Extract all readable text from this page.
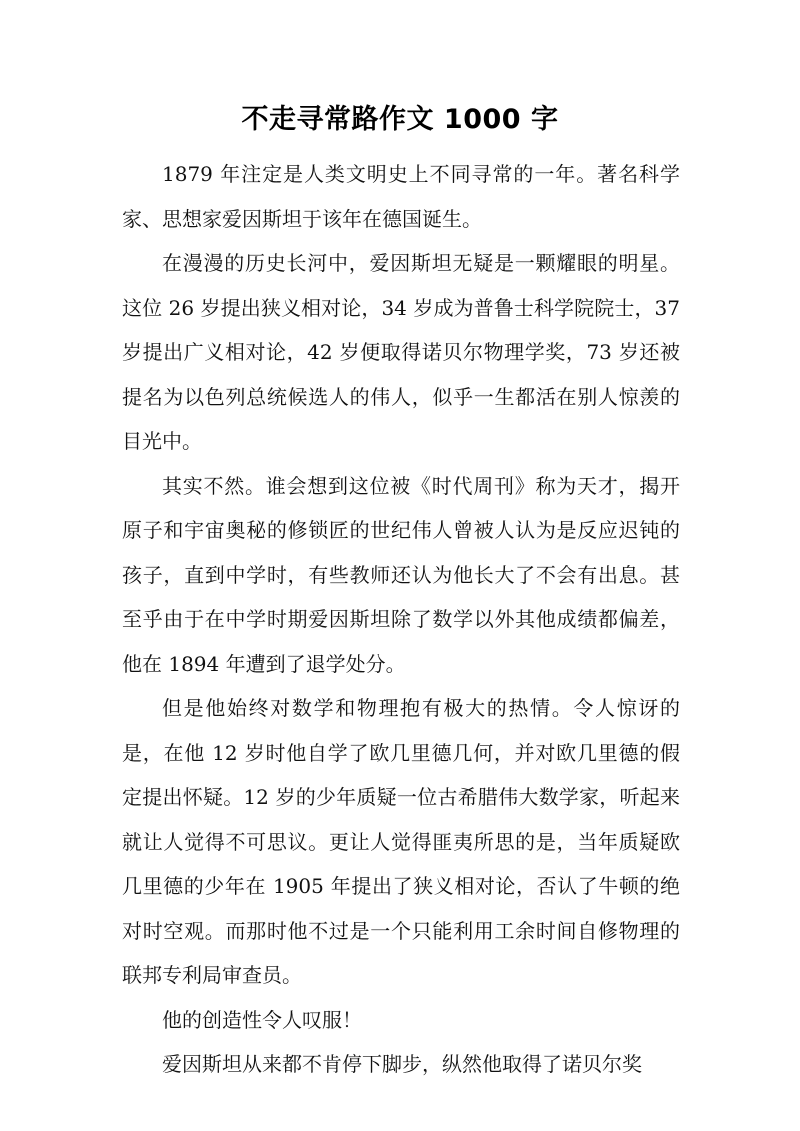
不走寻常路作文 1000 字

1879 年注定是人类文明史上不同寻常的一年。著名科学家、思想家爱因斯坦于该年在德国诞生。

在漫漫的历史长河中，爱因斯坦无疑是一颗耀眼的明星。这位 26 岁提出狭义相对论，34 岁成为普鲁士科学院院士，37 岁提出广义相对论，42 岁便取得诺贝尔物理学奖，73 岁还被提名为以色列总统候选人的伟人，似乎一生都活在别人惊羡的目光中。

其实不然。谁会想到这位被《时代周刊》称为天才，揭开原子和宇宙奥秘的修锁匠的世纪伟人曾被人认为是反应迟钝的孩子，直到中学时，有些教师还认为他长大了不会有出息。甚至乎由于在中学时期爱因斯坦除了数学以外其他成绩都偏差，他在 1894 年遭到了退学处分。

但是他始终对数学和物理抱有极大的热情。令人惊讶的是，在他 12 岁时他自学了欧几里德几何，并对欧几里德的假定提出怀疑。12 岁的少年质疑一位古希腊伟大数学家，听起来就让人觉得不可思议。更让人觉得匪夷所思的是，当年质疑欧几里德的少年在 1905 年提出了狭义相对论，否认了牛顿的绝对时空观。而那时他不过是一个只能利用工余时间自修物理的联邦专利局审查员。

他的创造性令人叹服！

爱因斯坦从来都不肯停下脚步，纵然他取得了诺贝尔奖
